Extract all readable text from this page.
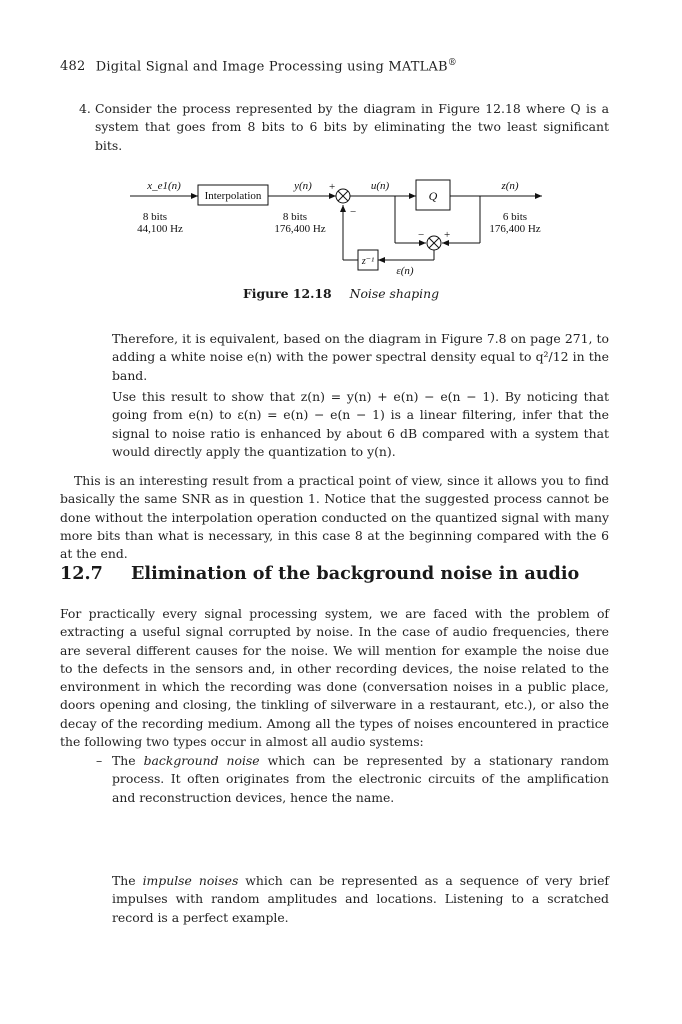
482 Digital Signal and Image Processing using MATLAB®
4. Consider the process represented by the diagram in Figure 12.18 where Q is a system that goes from 8 bits to 6 bits by eliminating the two least significant bits.
Interpolation	Q
z⁻¹
x_e1(n)
8 bits
44,100 Hz
y(n)
8 bits
176,400 Hz
+
−
u(n)	z(n)
6 bits
176,400 Hz
+
−
ε(n)
Figure 12.18 Noise shaping
Therefore, it is equivalent, based on the diagram in Figure 7.8 on page 271, to adding a white noise e(n) with the power spectral density equal to q²/12 in the band.
Use this result to show that z(n) = y(n) + e(n) − e(n − 1). By noticing that going from e(n) to ε(n) = e(n) − e(n − 1) is a linear filtering, infer that the signal to noise ratio is enhanced by about 6 dB compared with a system that would directly apply the quantization to y(n).
This is an interesting result from a practical point of view, since it allows you to find basically the same SNR as in question 1. Notice that the suggested process cannot be done without the interpolation operation conducted on the quantized signal with many more bits than what is necessary, in this case 8 at the beginning compared with the 6 at the end.
12.7 Elimination of the background noise in audio
For practically every signal processing system, we are faced with the problem of extracting a useful signal corrupted by noise. In the case of audio frequencies, there are several different causes for the noise. We will mention for example the noise due to the defects in the sensors and, in other recording devices, the noise related to the environment in which the recording was done (conversation noises in a public place, doors opening and closing, the tinkling of silverware in a restaurant, etc.), or also the decay of the recording medium. Among all the types of noises encountered in practice the following two types occur in almost all audio systems:
– The background noise which can be represented by a stationary random process. It often originates from the electronic circuits of the amplification and reconstruction devices, hence the name.
The impulse noises which can be represented as a sequence of very brief impulses with random amplitudes and locations. Listening to a scratched record is a perfect example.
